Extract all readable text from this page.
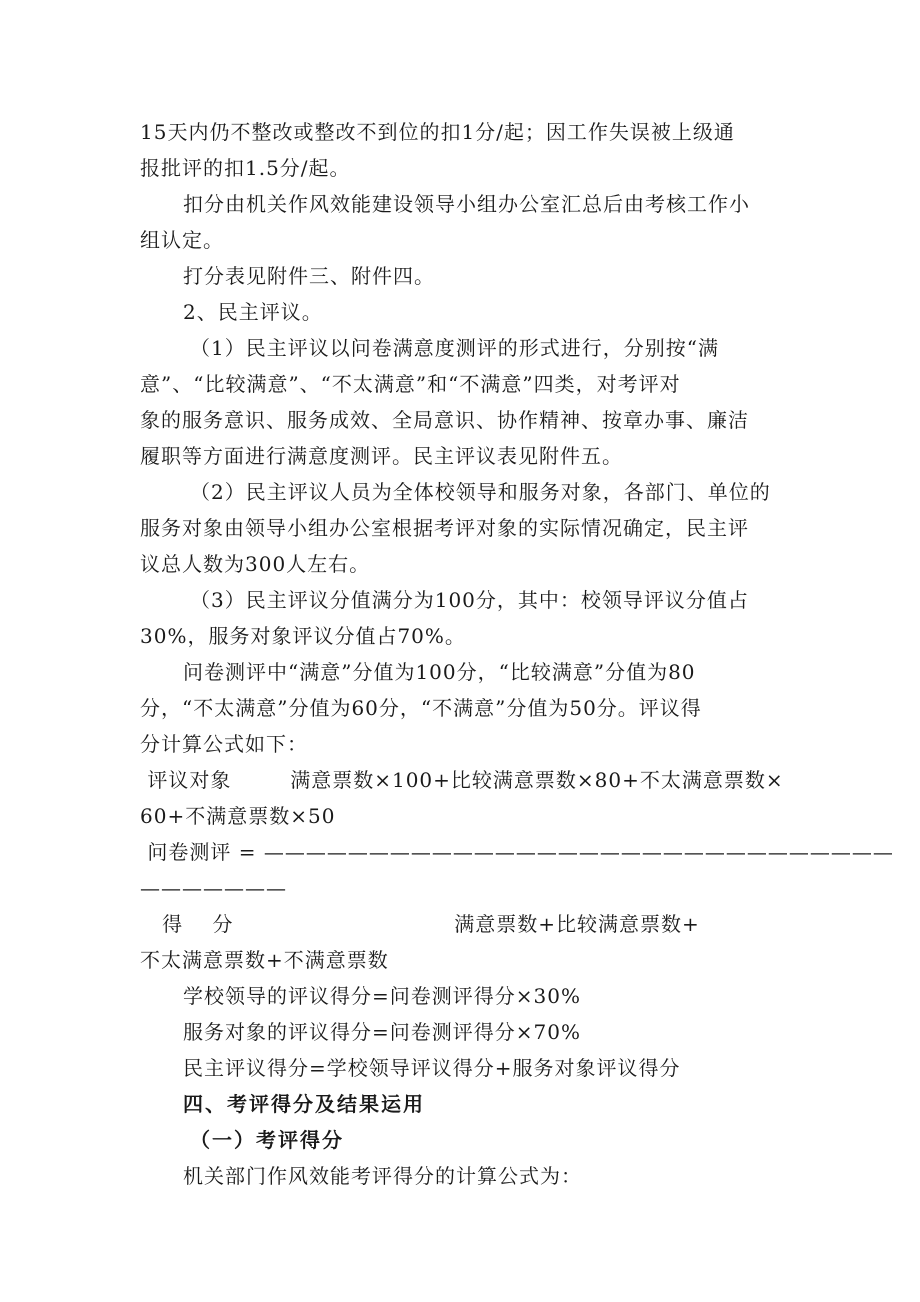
15天内仍不整改或整改不到位的扣1分/起；因工作失误被上级通
报批评的扣1.5分/起。
扣分由机关作风效能建设领导小组办公室汇总后由考核工作小
组认定。
打分表见附件三、附件四。
2、民主评议。
（1）民主评议以问卷满意度测评的形式进行，分别按“满
意”、“比较满意”、“不太满意”和“不满意”四类，对考评对
象的服务意识、服务成效、全局意识、协作精神、按章办事、廉洁
履职等方面进行满意度测评。民主评议表见附件五。
（2）民主评议人员为全体校领导和服务对象，各部门、单位的
服务对象由领导小组办公室根据考评对象的实际情况确定，民主评
议总人数为300人左右。
（3）民主评议分值满分为100分，其中：校领导评议分值占
30%，服务对象评议分值占70%。
问卷测评中“满意”分值为100分，“比较满意”分值为80
分，“不太满意”分值为60分，“不满意”分值为50分。评议得
分计算公式如下：
评议对象        满意票数×100+比较满意票数×80+不太满意票数×
60+不满意票数×50
问卷测评 = ——————————————————————————————
———————
得    分                              满意票数+比较满意票数+
不太满意票数+不满意票数
学校领导的评议得分=问卷测评得分×30%
服务对象的评议得分=问卷测评得分×70%
民主评议得分=学校领导评议得分+服务对象评议得分
四、考评得分及结果运用
（一）考评得分
机关部门作风效能考评得分的计算公式为：
